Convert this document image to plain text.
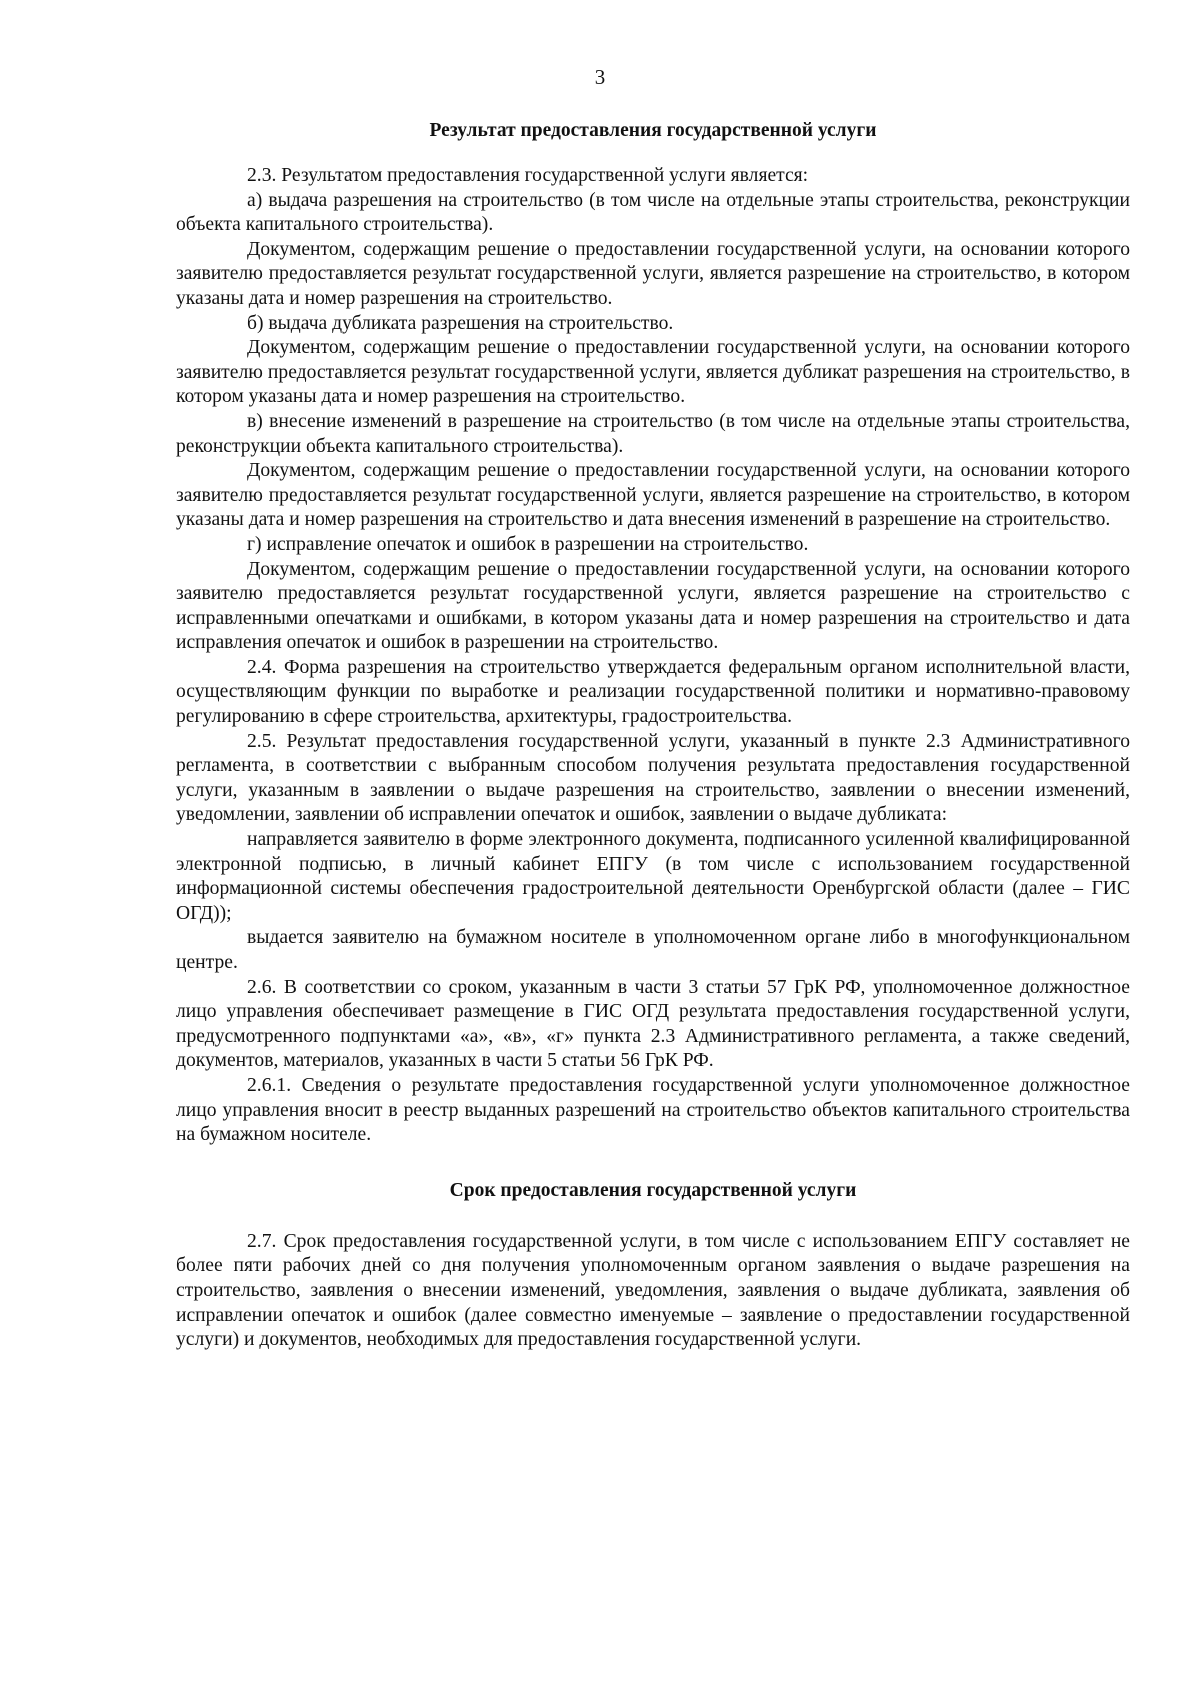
3
Результат предоставления государственной услуги

2.3. Результатом предоставления государственной услуги является:

а) выдача разрешения на строительство (в том числе на отдельные этапы строительства, реконструкции объекта капитального строительства).

Документом, содержащим решение о предоставлении государственной услуги, на основании которого заявителю предоставляется результат государственной услуги, является разрешение на строительство, в котором указаны дата и номер разрешения на строительство.

б) выдача дубликата разрешения на строительство.

Документом, содержащим решение о предоставлении государственной услуги, на основании которого заявителю предоставляется результат государственной услуги, является дубликат разрешения на строительство, в котором указаны дата и номер разрешения на строительство.

в) внесение изменений в разрешение на строительство (в том числе на отдельные этапы строительства, реконструкции объекта капитального строительства).

Документом, содержащим решение о предоставлении государственной услуги, на основании которого заявителю предоставляется результат государственной услуги, является разрешение на строительство, в котором указаны дата и номер разрешения на строительство и дата внесения изменений в разрешение на строительство.

г) исправление опечаток и ошибок в разрешении на строительство.

Документом, содержащим решение о предоставлении государственной услуги, на основании которого заявителю предоставляется результат государственной услуги, является разрешение на строительство с исправленными опечатками и ошибками, в котором указаны дата и номер разрешения на строительство и дата исправления опечаток и ошибок в разрешении на строительство.

2.4. Форма разрешения на строительство утверждается федеральным органом исполнительной власти, осуществляющим функции по выработке и реализации государственной политики и нормативно-правовому регулированию в сфере строительства, архитектуры, градостроительства.

2.5. Результат предоставления государственной услуги, указанный в пункте 2.3 Административного регламента, в соответствии с выбранным способом получения результата предоставления государственной услуги, указанным в заявлении о выдаче разрешения на строительство, заявлении о внесении изменений, уведомлении, заявлении об исправлении опечаток и ошибок, заявлении о выдаче дубликата:

направляется заявителю в форме электронного документа, подписанного усиленной квалифицированной электронной подписью, в личный кабинет ЕПГУ (в том числе с использованием государственной информационной системы обеспечения градостроительной деятельности Оренбургской области (далее – ГИС ОГД));

выдается заявителю на бумажном носителе в уполномоченном органе либо в многофункциональном центре.

2.6. В соответствии со сроком, указанным в части 3 статьи 57 ГрК РФ, уполномоченное должностное лицо управления обеспечивает размещение в ГИС ОГД результата предоставления государственной услуги, предусмотренного подпунктами «а», «в», «г» пункта 2.3 Административного регламента, а также сведений, документов, материалов, указанных в части 5 статьи 56 ГрК РФ.

2.6.1. Сведения о результате предоставления государственной услуги уполномоченное должностное лицо управления вносит в реестр выданных разрешений на строительство объектов капитального строительства на бумажном носителе.

Срок предоставления государственной услуги

2.7. Срок предоставления государственной услуги, в том числе с использованием ЕПГУ составляет не более пяти рабочих дней со дня получения уполномоченным органом заявления о выдаче разрешения на строительство, заявления о внесении изменений, уведомления, заявления о выдаче дубликата, заявления об исправлении опечаток и ошибок (далее совместно именуемые – заявление о предоставлении государственной услуги) и документов, необходимых для предоставления государственной услуги.
